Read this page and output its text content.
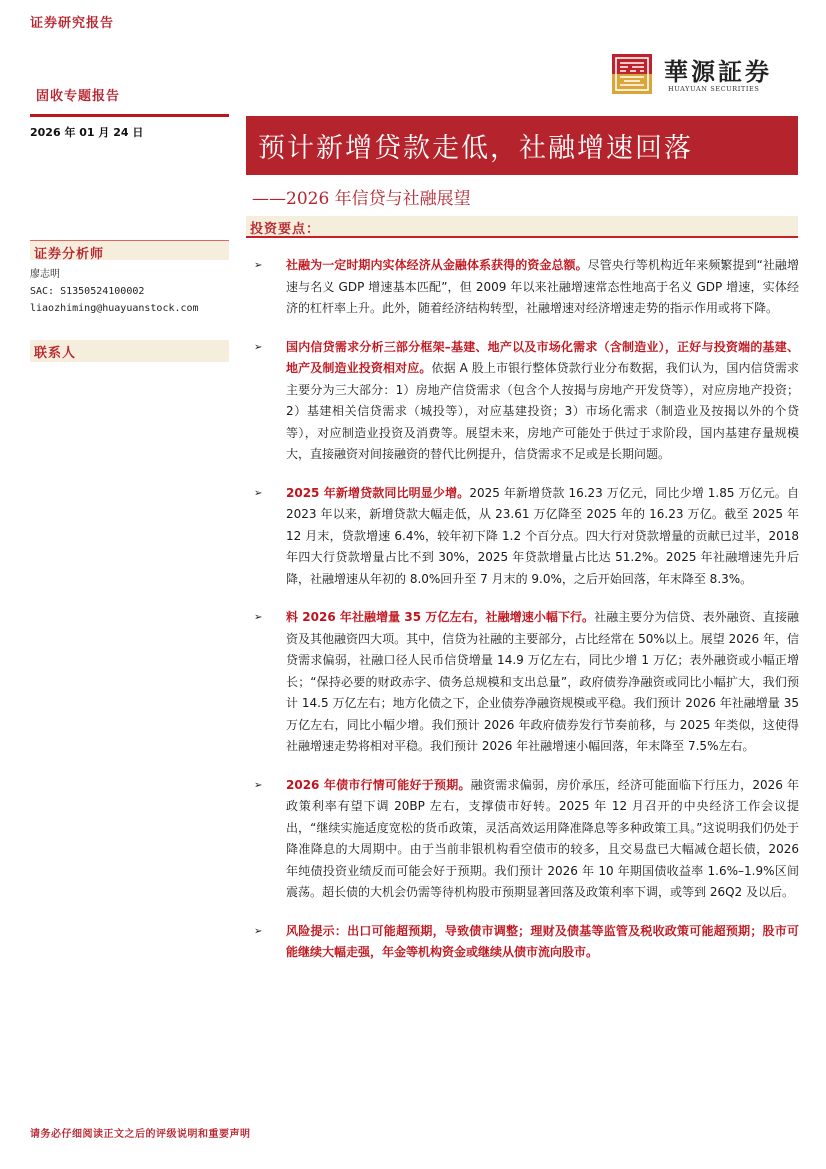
证券研究报告
固收专题报告
華源証券
HUAYUAN SECURITIES
2026 年 01 月 24 日
预计新增贷款走低，社融增速回落
——2026 年信贷与社融展望
投资要点：
证券分析师
廖志明
SAC: S1350524100002
liaozhiming@huayuanstock.com
联系人
➢ 社融为一定时期内实体经济从金融体系获得的资金总额。尽管央行等机构近年来频繁提到“社融增速与名义 GDP 增速基本匹配”，但 2009 年以来社融增速常态性地高于名义 GDP 增速，实体经济的杠杆率上升。此外，随着经济结构转型，社融增速对经济增速走势的指示作用或将下降。
➢ 国内信贷需求分析三部分框架–基建、地产以及市场化需求（含制造业），正好与投资端的基建、地产及制造业投资相对应。依据 A 股上市银行整体贷款行业分布数据，我们认为，国内信贷需求主要分为三大部分：1）房地产信贷需求（包含个人按揭与房地产开发贷等），对应房地产投资；2）基建相关信贷需求（城投等），对应基建投资；3）市场化需求（制造业及按揭以外的个贷等），对应制造业投资及消费等。展望未来，房地产可能处于供过于求阶段，国内基建存量规模大，直接融资对间接融资的替代比例提升，信贷需求不足或是长期问题。
➢ 2025 年新增贷款同比明显少增。2025 年新增贷款 16.23 万亿元，同比少增 1.85 万亿元。自 2023 年以来，新增贷款大幅走低，从 23.61 万亿降至 2025 年的 16.23 万亿。截至 2025 年 12 月末，贷款增速 6.4%，较年初下降 1.2 个百分点。四大行对贷款增量的贡献已过半，2018 年四大行贷款增量占比不到 30%，2025 年贷款增量占比达 51.2%。2025 年社融增速先升后降，社融增速从年初的 8.0%回升至 7 月末的 9.0%，之后开始回落，年末降至 8.3%。
➢ 料 2026 年社融增量 35 万亿左右，社融增速小幅下行。社融主要分为信贷、表外融资、直接融资及其他融资四大项。其中，信贷为社融的主要部分，占比经常在 50%以上。展望 2026 年，信贷需求偏弱，社融口径人民币信贷增量 14.9 万亿左右，同比少增 1 万亿；表外融资或小幅正增长；“保持必要的财政赤字、债务总规模和支出总量”，政府债券净融资或同比小幅扩大，我们预计 14.5 万亿左右；地方化债之下，企业债券净融资规模或平稳。我们预计 2026 年社融增量 35 万亿左右，同比小幅少增。我们预计 2026 年政府债券发行节奏前移，与 2025 年类似，这使得社融增速走势将相对平稳。我们预计 2026 年社融增速小幅回落，年末降至 7.5%左右。
➢ 2026 年债市行情可能好于预期。融资需求偏弱，房价承压，经济可能面临下行压力，2026 年政策利率有望下调 20BP 左右，支撑债市好转。2025 年 12 月召开的中央经济工作会议提出，“继续实施适度宽松的货币政策，灵活高效运用降准降息等多种政策工具。”这说明我们仍处于降准降息的大周期中。由于当前非银机构看空债市的较多，且交易盘已大幅减仓超长债，2026 年纯债投资业绩反而可能会好于预期。我们预计 2026 年 10 年期国债收益率 1.6%–1.9%区间震荡。超长债的大机会仍需等待机构股市预期显著回落及政策利率下调，或等到 26Q2 及以后。
➢ 风险提示：出口可能超预期，导致债市调整；理财及债基等监管及税收政策可能超预期；股市可能继续大幅走强，年金等机构资金或继续从债市流向股市。
请务必仔细阅读正文之后的评级说明和重要声明
